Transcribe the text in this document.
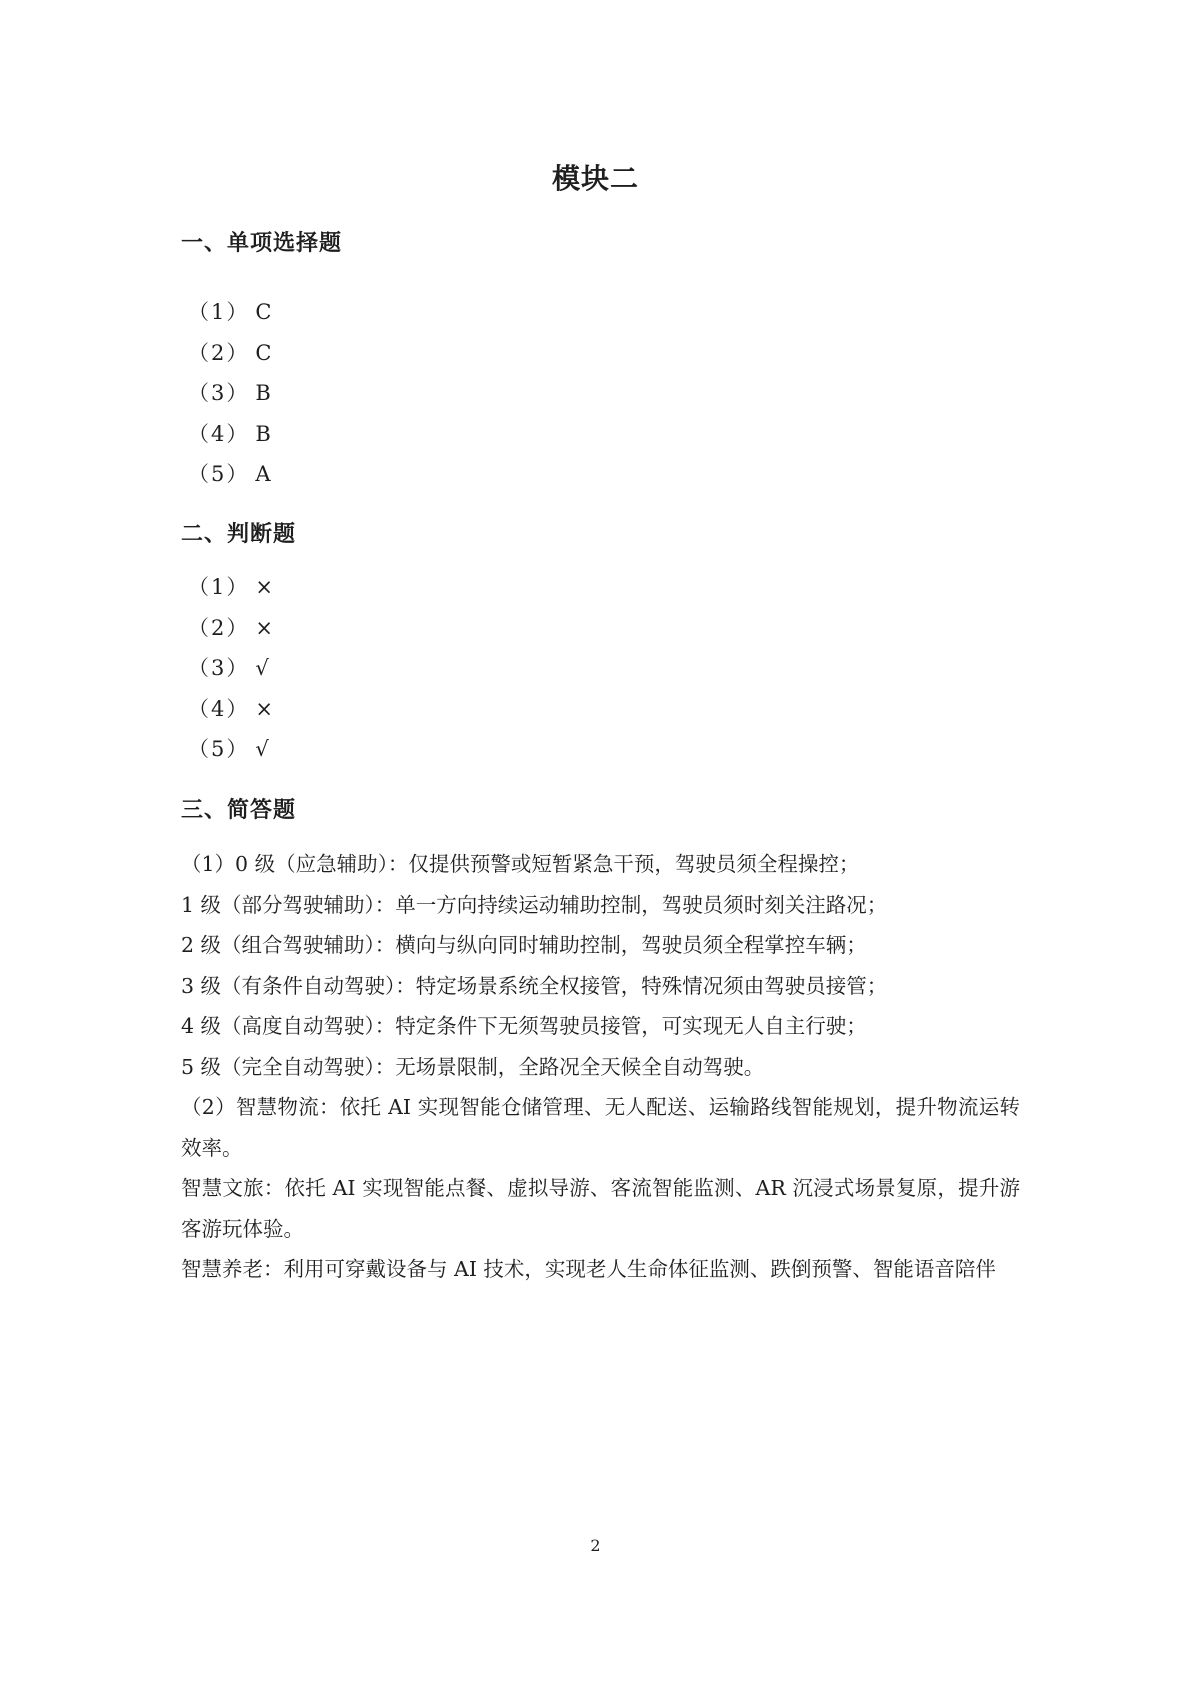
模块二
一、单项选择题
（1） C
（2） C
（3） B
（4） B
（5） A
二、判断题
（1） ×
（2） ×
（3） √
（4） ×
（5） √
三、简答题

（1）0 级（应急辅助）：仅提供预警或短暂紧急干预，驾驶员须全程操控；

1 级（部分驾驶辅助）：单一方向持续运动辅助控制，驾驶员须时刻关注路况；

2 级（组合驾驶辅助）：横向与纵向同时辅助控制，驾驶员须全程掌控车辆；

3 级（有条件自动驾驶）：特定场景系统全权接管，特殊情况须由驾驶员接管；

4 级（高度自动驾驶）：特定条件下无须驾驶员接管，可实现无人自主行驶；

5 级（完全自动驾驶）：无场景限制，全路况全天候全自动驾驶。

（2）智慧物流：依托 AI 实现智能仓储管理、无人配送、运输路线智能规划，提升物流运转效率。

智慧文旅：依托 AI 实现智能点餐、虚拟导游、客流智能监测、AR 沉浸式场景复原，提升游客游玩体验。

智慧养老：利用可穿戴设备与 AI 技术，实现老人生命体征监测、跌倒预警、智能语音陪伴

2
